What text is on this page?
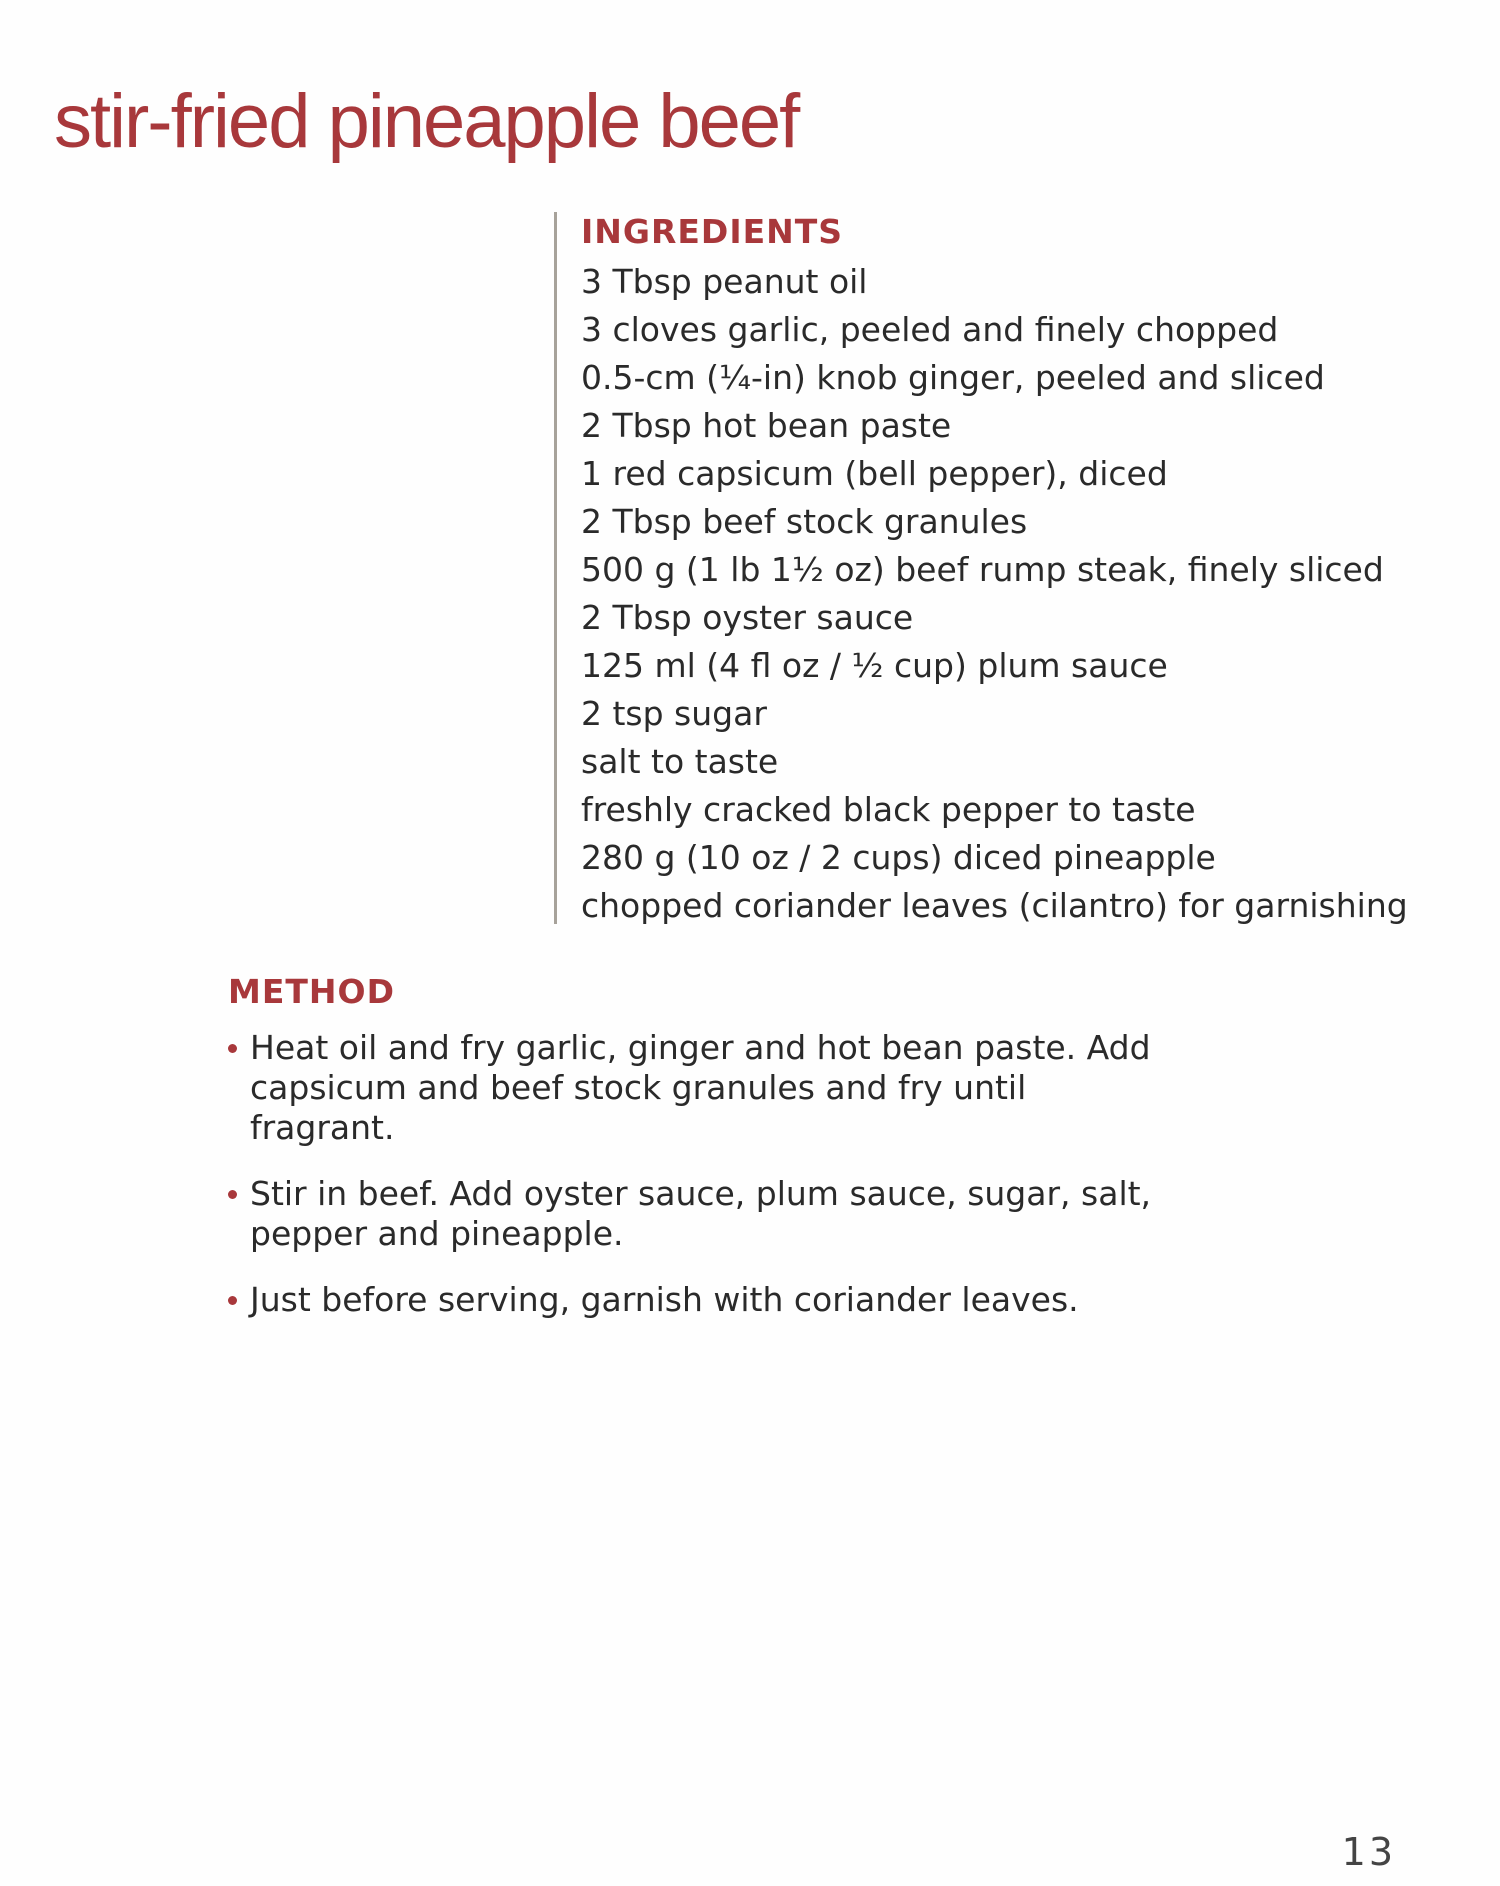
stir-fried pineapple beef
INGREDIENTS
3 Tbsp peanut oil
3 cloves garlic, peeled and finely chopped
0.5-cm (¼-in) knob ginger, peeled and sliced
2 Tbsp hot bean paste
1 red capsicum (bell pepper), diced
2 Tbsp beef stock granules
500 g (1 lb 1½ oz) beef rump steak, finely sliced
2 Tbsp oyster sauce
125 ml (4 fl oz / ½ cup) plum sauce
2 tsp sugar
salt to taste
freshly cracked black pepper to taste
280 g (10 oz / 2 cups) diced pineapple
chopped coriander leaves (cilantro) for garnishing
METHOD
Heat oil and fry garlic, ginger and hot bean paste. Add capsicum and beef stock granules and fry until fragrant.
Stir in beef. Add oyster sauce, plum sauce, sugar, salt, pepper and pineapple.
Just before serving, garnish with coriander leaves.
13
